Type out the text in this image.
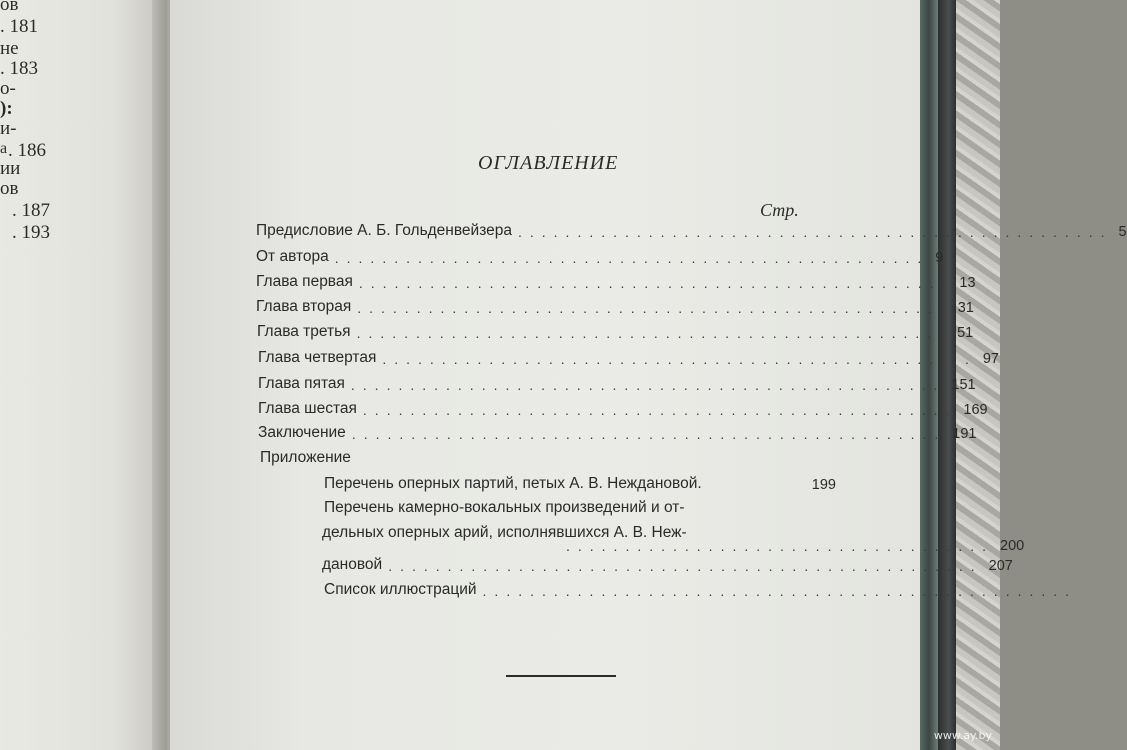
ов
. 181
не
. 183
о-
):
и-
а . 186
ии
ов
. 187
. 193
ОГЛАВЛЕНИЕ
Стр.
Предисловие А. Б. Гольденвейзера .................................................. 5
От автора .................................................. 9
Глава первая .................................................. 13
Глава вторая .................................................. 31
Глава третья .................................................. 51
Глава четвертая .................................................. 97
Глава пятая .................................................. 151
Глава шестая .................................................. 169
Заключение .................................................. 191
Приложение
Перечень оперных партий, петых А. В. Неждановой.	199
Перечень камерно-вокальных произведений и от-
дельных оперных арий, исполнявшихся А. В. Неж-
.................................... 200
дановой .................................................. 207
Список иллюстраций ..................................................
www.ay.by
